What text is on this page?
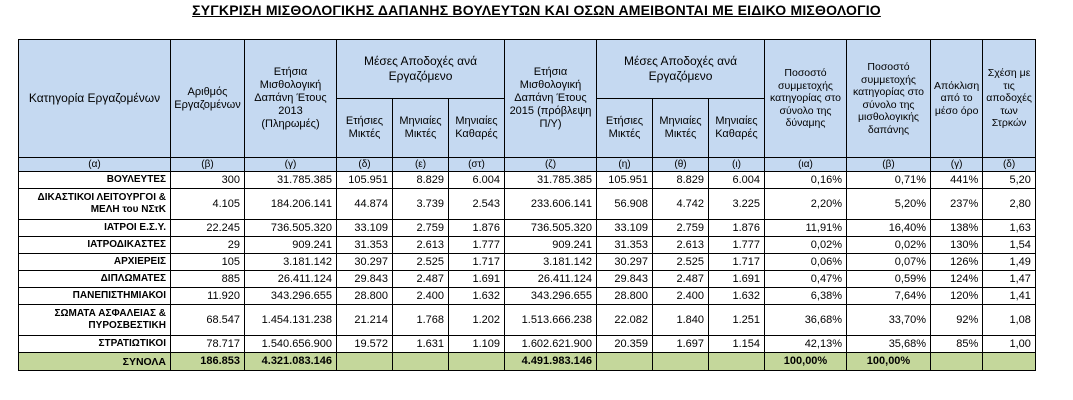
ΣΥΓΚΡΙΣΗ ΜΙΣΘΟΛΟΓΙΚΗΣ ΔΑΠΑΝΗΣ ΒΟΥΛΕΥΤΩΝ ΚΑΙ ΟΣΩΝ ΑΜΕΙΒΟΝΤΑΙ ΜΕ ΕΙΔΙΚΟ ΜΙΣΘΟΛΟΓΙΟ
Κατηγορία Εργαζομένων	Αριθμός Εργαζομένων	Ετήσια Μισθολογική Δαπάνη Έτους 2013 (Πληρωμές)	Μέσες Αποδοχές ανά Εργαζόμενο			Ετήσια Μισθολογική Δαπάνη Έτους 2015 (πρόβλεψη Π/Υ)	Μέσες Αποδοχές ανά Εργαζόμενο			Ποσοστό συμμετοχής κατηγορίας στο σύνολο της δύναμης	Ποσοστό συμμετοχής κατηγορίας στο σύνολο της μισθολογικής δαπάνης	Απόκλιση από το μέσο όρο	Σχέση με τις αποδοχές των Στρκών
			Ετήσιες Μικτές	Μηνιαίες Μικτές	Μηνιαίες Καθαρές		Ετήσιες Μικτές	Μηνιαίες Μικτές	Μηνιαίες Καθαρές				
(α)	(β)	(γ)	(δ)	(ε)	(στ)	(ζ)	(η)	(θ)	(ι)	(ια)	(β)	(γ)	(δ)
ΒΟΥΛΕΥΤΕΣ	300	31.785.385	105.951	8.829	6.004	31.785.385	105.951	8.829	6.004	0,16%	0,71%	441%	5,20
ΔΙΚΑΣΤΙΚΟΙ ΛΕΙΤΟΥΡΓΟΙ & ΜΕΛΗ του ΝΣτΚ	4.105	184.206.141	44.874	3.739	2.543	233.606.141	56.908	4.742	3.225	2,20%	5,20%	237%	2,80
ΙΑΤΡΟΙ Ε.Σ.Υ.	22.245	736.505.320	33.109	2.759	1.876	736.505.320	33.109	2.759	1.876	11,91%	16,40%	138%	1,63
ΙΑΤΡΟΔΙΚΑΣΤΕΣ	29	909.241	31.353	2.613	1.777	909.241	31.353	2.613	1.777	0,02%	0,02%	130%	1,54
ΑΡΧΙΕΡΕΙΣ	105	3.181.142	30.297	2.525	1.717	3.181.142	30.297	2.525	1.717	0,06%	0,07%	126%	1,49
ΔΙΠΛΩΜΑΤΕΣ	885	26.411.124	29.843	2.487	1.691	26.411.124	29.843	2.487	1.691	0,47%	0,59%	124%	1,47
ΠΑΝΕΠΙΣΤΗΜΙΑΚΟΙ	11.920	343.296.655	28.800	2.400	1.632	343.296.655	28.800	2.400	1.632	6,38%	7,64%	120%	1,41
ΣΩΜΑΤΑ ΑΣΦΑΛΕΙΑΣ & ΠΥΡΟΣΒΕΣΤΙΚΗ	68.547	1.454.131.238	21.214	1.768	1.202	1.513.666.238	22.082	1.840	1.251	36,68%	33,70%	92%	1,08
ΣΤΡΑΤΙΩΤΙΚΟΙ	78.717	1.540.656.900	19.572	1.631	1.109	1.602.621.900	20.359	1.697	1.154	42,13%	35,68%	85%	1,00
ΣΥΝΟΛΑ	186.853	4.321.083.146				4.491.983.146				100,00%	100,00%		
